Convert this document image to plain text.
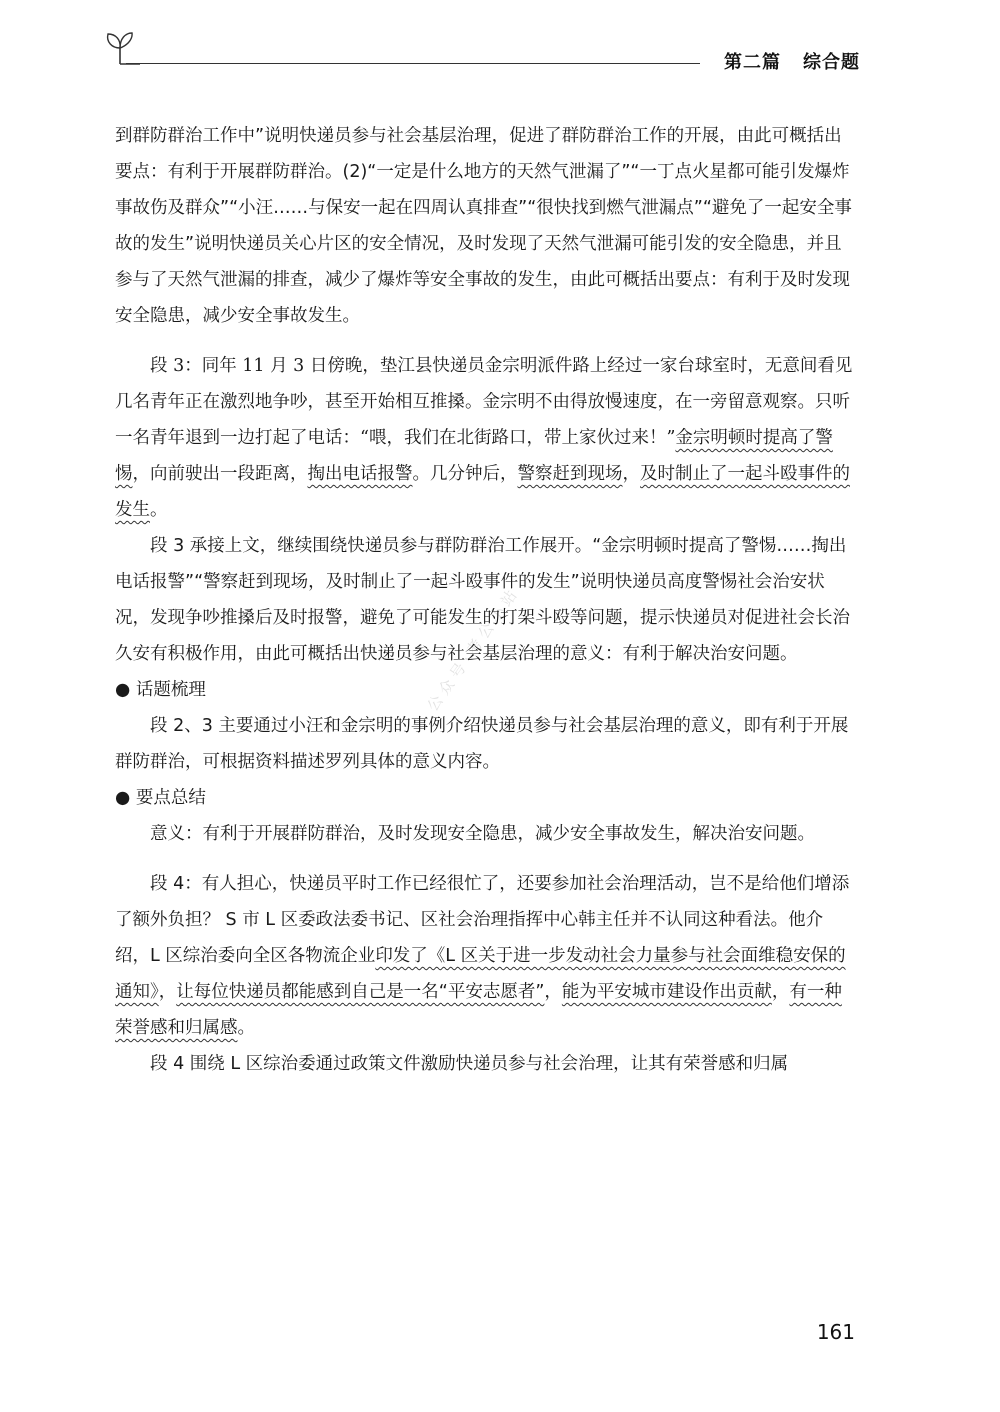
第二篇 综合题
公 众 号 · 考 公 小 站

到群防群治工作中”说明快递员参与社会基层治理，促进了群防群治工作的开展，由此可概括出要点：有利于开展群防群治。(2)“一定是什么地方的天然气泄漏了”“一丁点火星都可能引发爆炸事故伤及群众”“小汪……与保安一起在四周认真排查”“很快找到燃气泄漏点”“避免了一起安全事故的发生”说明快递员关心片区的安全情况，及时发现了天然气泄漏可能引发的安全隐患，并且参与了天然气泄漏的排查，减少了爆炸等安全事故的发生，由此可概括出要点：有利于及时发现安全隐患，减少安全事故发生。

段 3：同年 11 月 3 日傍晚，垫江县快递员金宗明派件路上经过一家台球室时，无意间看见几名青年正在激烈地争吵，甚至开始相互推搡。金宗明不由得放慢速度，在一旁留意观察。只听一名青年退到一边打起了电话：“喂，我们在北街路口，带上家伙过来！”金宗明顿时提高了警惕，向前驶出一段距离，掏出电话报警。几分钟后，警察赶到现场，及时制止了一起斗殴事件的发生。

段 3 承接上文，继续围绕快递员参与群防群治工作展开。“金宗明顿时提高了警惕……掏出电话报警”“警察赶到现场，及时制止了一起斗殴事件的发生”说明快递员高度警惕社会治安状况，发现争吵推搡后及时报警，避免了可能发生的打架斗殴等问题，提示快递员对促进社会长治久安有积极作用，由此可概括出快递员参与社会基层治理的意义：有利于解决治安问题。

● 话题梳理

段 2、3 主要通过小汪和金宗明的事例介绍快递员参与社会基层治理的意义，即有利于开展群防群治，可根据资料描述罗列具体的意义内容。

● 要点总结

意义：有利于开展群防群治，及时发现安全隐患，减少安全事故发生，解决治安问题。

段 4：有人担心，快递员平时工作已经很忙了，还要参加社会治理活动，岂不是给他们增添了额外负担？ S 市 L 区委政法委书记、区社会治理指挥中心韩主任并不认同这种看法。他介绍，L 区综治委向全区各物流企业印发了《L 区关于进一步发动社会力量参与社会面维稳安保的通知》，让每位快递员都能感到自己是一名“平安志愿者”，能为平安城市建设作出贡献，有一种荣誉感和归属感。

段 4 围绕 L 区综治委通过政策文件激励快递员参与社会治理，让其有荣誉感和归属

161
